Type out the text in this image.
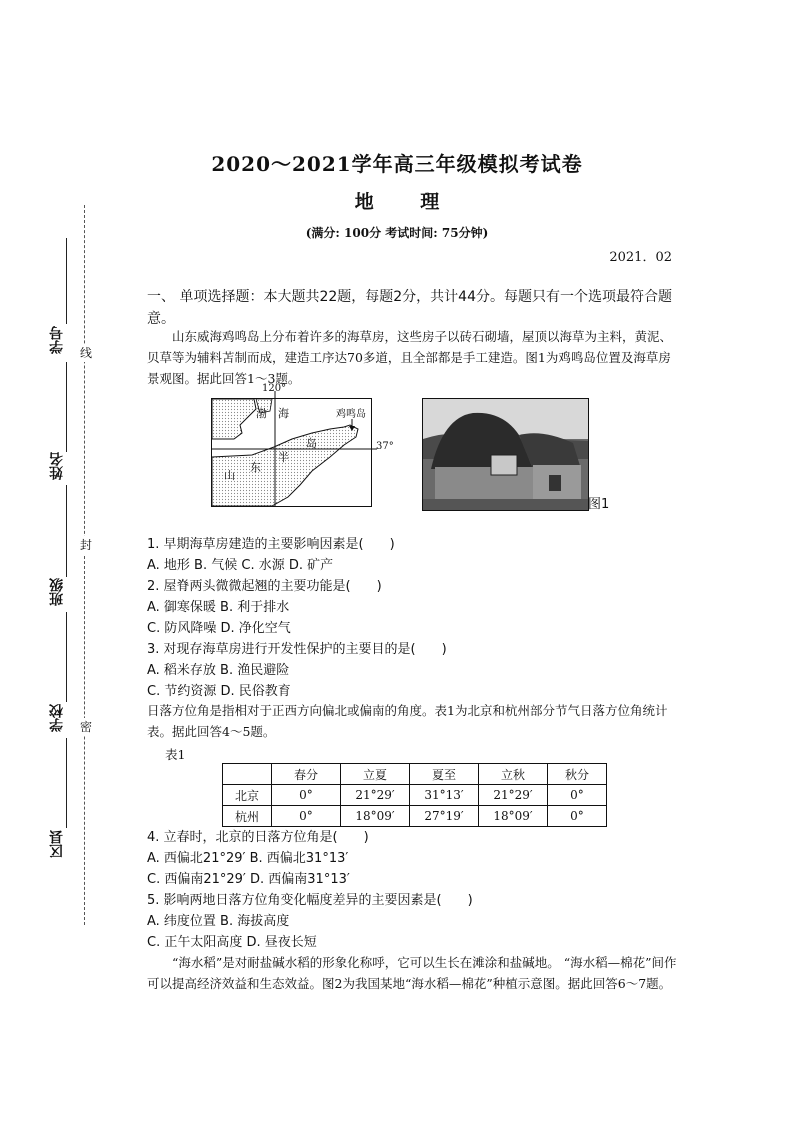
学号
姓名
班级
学校
区县
线
封
密
2020～2021学年高三年级模拟考试卷
地 理
(满分: 100分 考试时间: 75分钟)
2021．02
一、 单项选择题：本大题共22题，每题2分，共计44分。每题只有一个选项最符合题意。
山东威海鸡鸣岛上分布着许多的海草房，这些房子以砖石砌墙，屋顶以海草为主料，黄泥、贝草等为辅料苫制而成，建造工序达70多道，且全部都是手工建造。图1为鸡鸣岛位置及海草房景观图。据此回答1～3题。
120°
37°
鸡鸣岛
渤 海
岛
半
东
山
图1
1. 早期海草房建造的主要影响因素是(　　)
A. 地形 B. 气候 C. 水源 D. 矿产
2. 屋脊两头微微起翘的主要功能是(　　)
A. 御寒保暖 B. 利于排水
C. 防风降噪 D. 净化空气
3. 对现存海草房进行开发性保护的主要目的是(　　)
A. 稻米存放 B. 渔民避险
C. 节约资源 D. 民俗教育
日落方位角是指相对于正西方向偏北或偏南的角度。表1为北京和杭州部分节气日落方位角统计表。据此回答4～5题。
表1
	春分	立夏	夏至	立秋	秋分
北京	0°	21°29′	31°13′	21°29′	0°
杭州	0°	18°09′	27°19′	18°09′	0°
4. 立春时，北京的日落方位角是(　　)
A. 西偏北21°29′ B. 西偏北31°13′
C. 西偏南21°29′ D. 西偏南31°13′
5. 影响两地日落方位角变化幅度差异的主要因素是(　　)
A. 纬度位置 B. 海拔高度
C. 正午太阳高度 D. 昼夜长短
“海水稻”是对耐盐碱水稻的形象化称呼，它可以生长在滩涂和盐碱地。 “海水稻—棉花”间作可以提高经济效益和生态效益。图2为我国某地“海水稻—棉花”种植示意图。据此回答6～7题。
